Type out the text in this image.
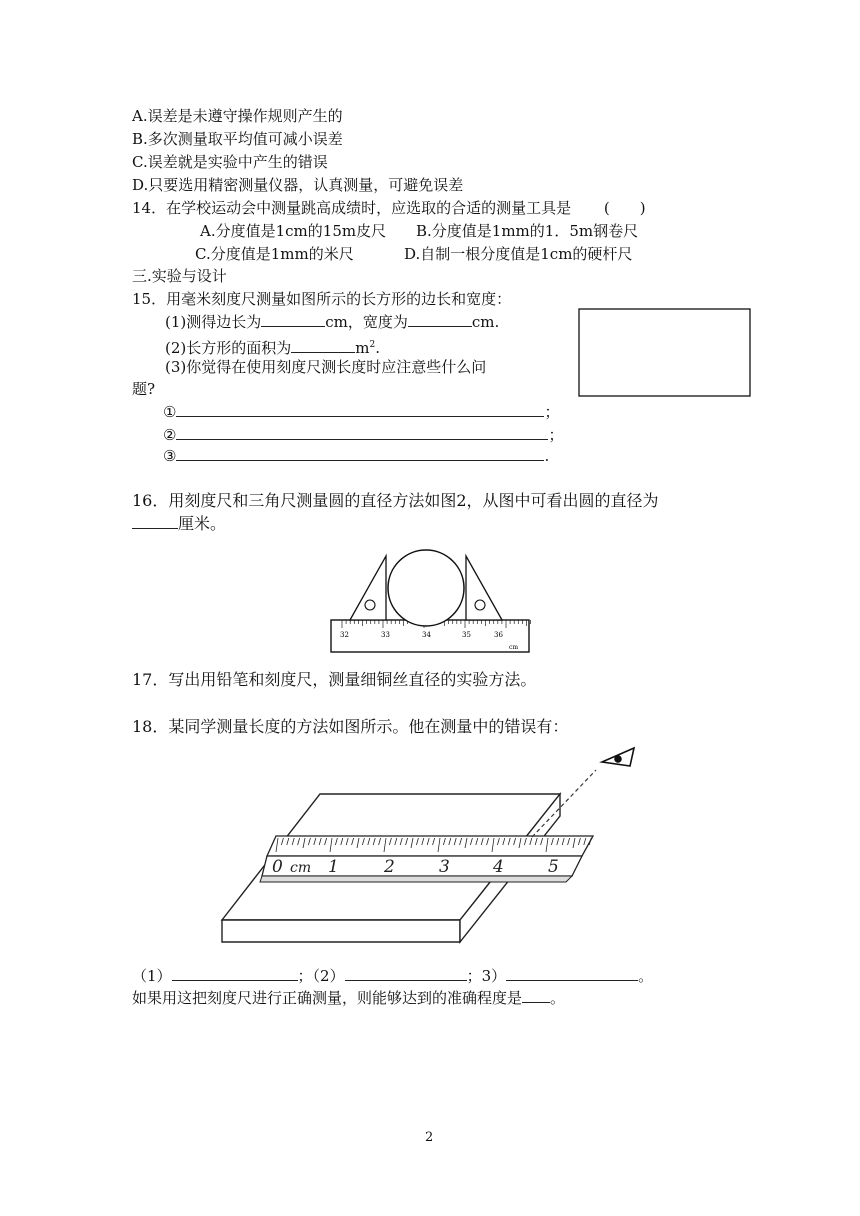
A.误差是未遵守操作规则产生的
B.多次测量取平均值可减小误差
C.误差就是实验中产生的错误
D.只要选用精密测量仪器，认真测量，可避免误差
14．在学校运动会中测量跳高成绩时，应选取的合适的测量工具是 (　　)
A.分度值是1cm的15m皮尺 B.分度值是1mm的1．5m钢卷尺
C.分度值是1mm的米尺	D.自制一根分度值是1cm的硬杆尺
三.实验与设计
15．用毫米刻度尺测量如图所示的长方形的边长和宽度：
(1)测得边长为	cm，宽度为	cm.
(2)长方形的面积为	$m^2$.
(3)你觉得在使用刻度尺测长度时应注意些什么问
题?
①	；
②	；
③	.
16．用刻度尺和三角尺测量圆的直径方法如图2，从图中可看出圆的直径为
厘米。
32	33	34	35	36
cm
17．写出用铅笔和刻度尺，测量细铜丝直径的实验方法。
18．某同学测量长度的方法如图所示。他在测量中的错误有：
0 cm 1	2	3	4	5
（1）	；（2）	；3）	。
如果用这把刻度尺进行正确测量，则能够达到的准确程度是 。
2
